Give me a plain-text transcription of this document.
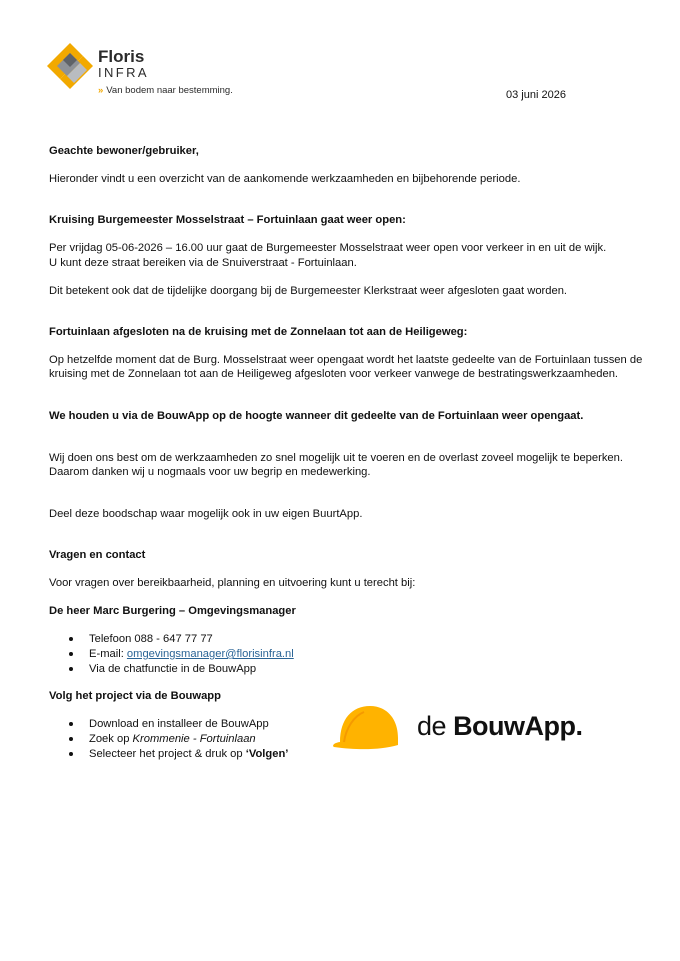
Floris
INFRA
» Van bodem naar bestemming.	03 juni 2026
Geachte bewoner/gebruiker,
Hieronder vindt u een overzicht van de aankomende werkzaamheden en bijbehorende periode.
Kruising Burgemeester Mosselstraat – Fortuinlaan gaat weer open:
Per vrijdag 05-06-2026 – 16.00 uur gaat de Burgemeester Mosselstraat weer open voor verkeer in en uit de wijk.
U kunt deze straat bereiken via de Snuiverstraat - Fortuinlaan.
Dit betekent ook dat de tijdelijke doorgang bij de Burgemeester Klerkstraat weer afgesloten gaat worden.
Fortuinlaan afgesloten na de kruising met de Zonnelaan tot aan de Heiligeweg:
Op hetzelfde moment dat de Burg. Mosselstraat weer opengaat wordt het laatste gedeelte van de Fortuinlaan tussen de
kruising met de Zonnelaan tot aan de Heiligeweg afgesloten voor verkeer vanwege de bestratingswerkzaamheden.
We houden u via de BouwApp op de hoogte wanneer dit gedeelte van de Fortuinlaan weer opengaat.
Wij doen ons best om de werkzaamheden zo snel mogelijk uit te voeren en de overlast zoveel mogelijk te beperken.
Daarom danken wij u nogmaals voor uw begrip en medewerking.
Deel deze boodschap waar mogelijk ook in uw eigen BuurtApp.
Vragen en contact
Voor vragen over bereikbaarheid, planning en uitvoering kunt u terecht bij:
De heer Marc Burgering – Omgevingsmanager
Telefoon 088 - 647 77 77
E-mail: omgevingsmanager@florisinfra.nl
Via de chatfunctie in de BouwApp
Volg het project via de Bouwapp
Download en installeer de BouwApp
Zoek op Krommenie - Fortuinlaan
Selecteer het project & druk op ‘Volgen’
de BouwApp.
